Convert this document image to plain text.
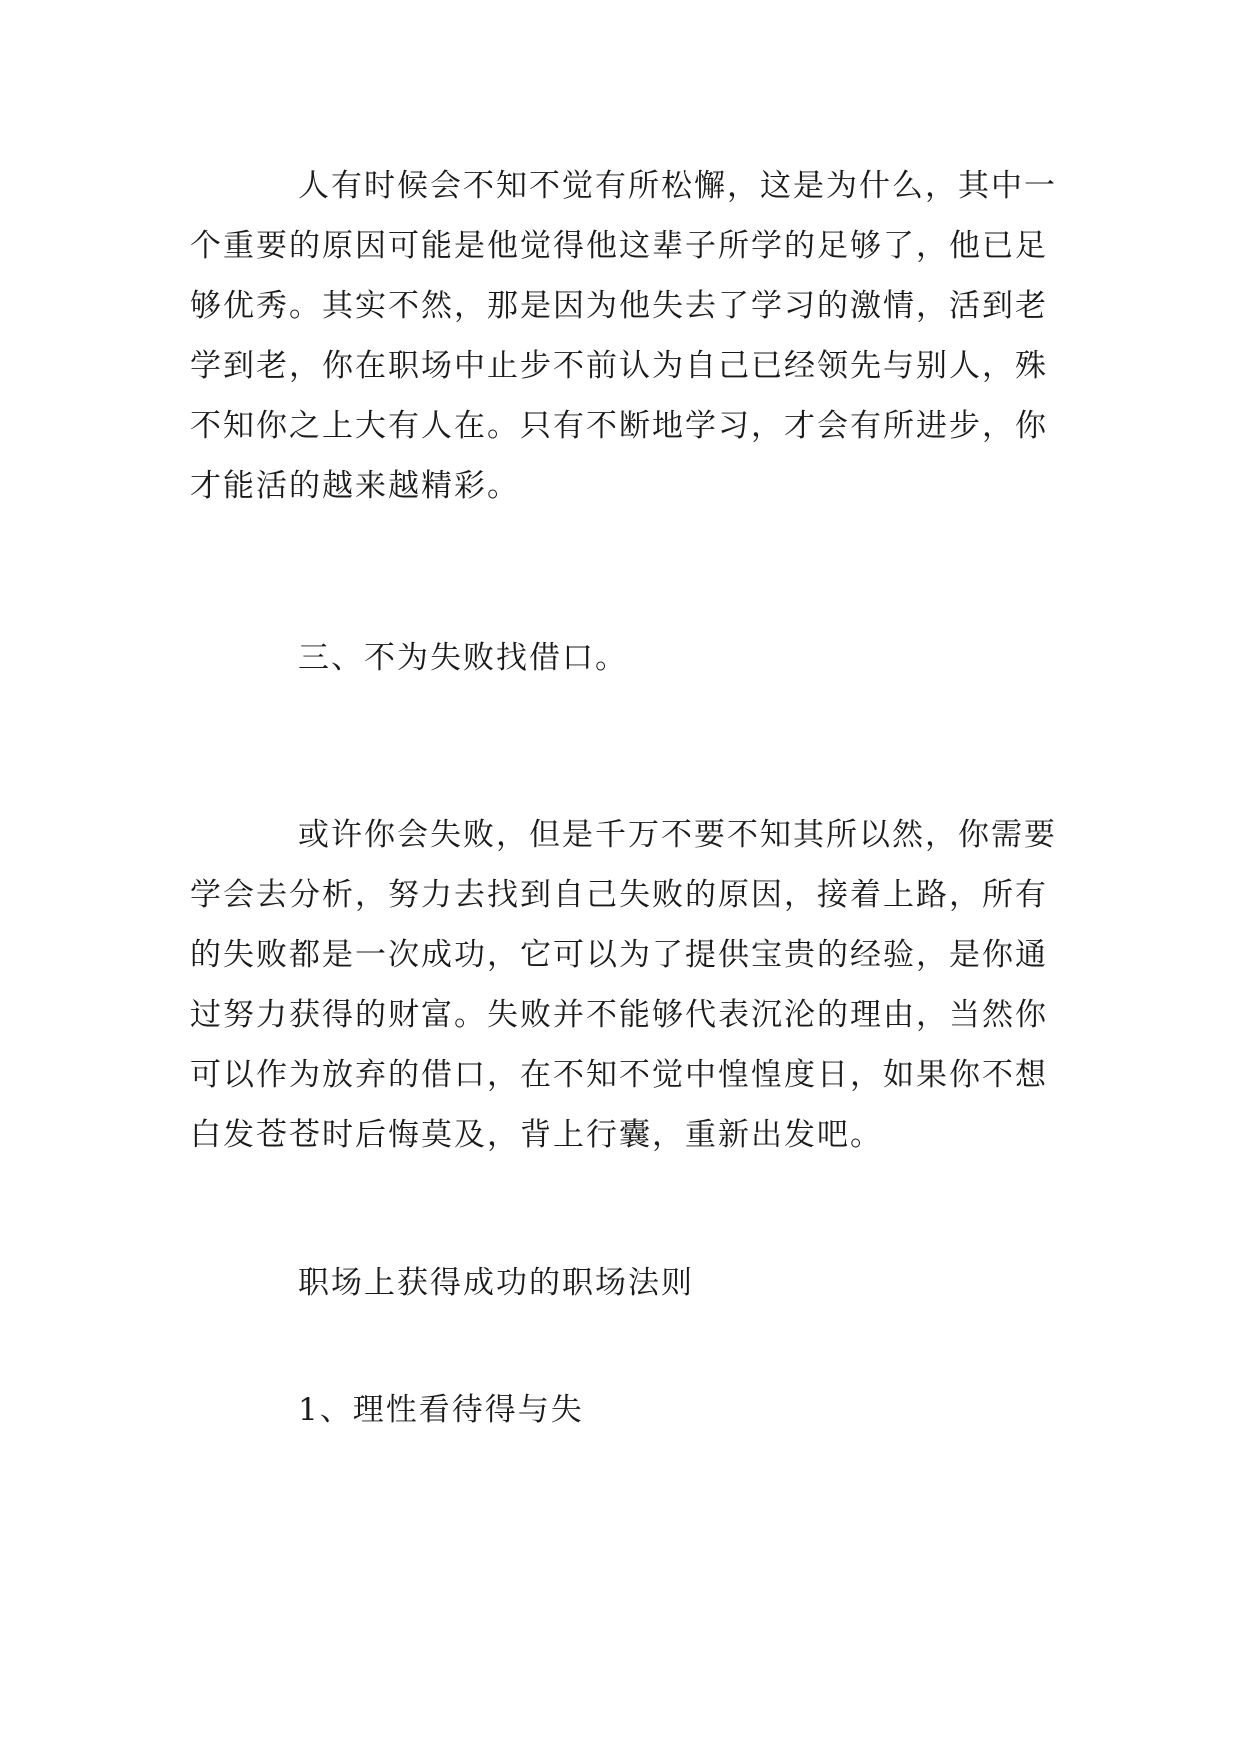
人有时候会不知不觉有所松懈，这是为什么，其中一
个重要的原因可能是他觉得他这辈子所学的足够了，他已足
够优秀。其实不然，那是因为他失去了学习的激情，活到老
学到老，你在职场中止步不前认为自己已经领先与别人，殊
不知你之上大有人在。只有不断地学习，才会有所进步，你
才能活的越来越精彩。

三、不为失败找借口。

或许你会失败，但是千万不要不知其所以然，你需要
学会去分析，努力去找到自己失败的原因，接着上路，所有
的失败都是一次成功，它可以为了提供宝贵的经验，是你通
过努力获得的财富。失败并不能够代表沉沦的理由，当然你
可以作为放弃的借口，在不知不觉中惶惶度日，如果你不想
白发苍苍时后悔莫及，背上行囊，重新出发吧。

职场上获得成功的职场法则

1、理性看待得与失
